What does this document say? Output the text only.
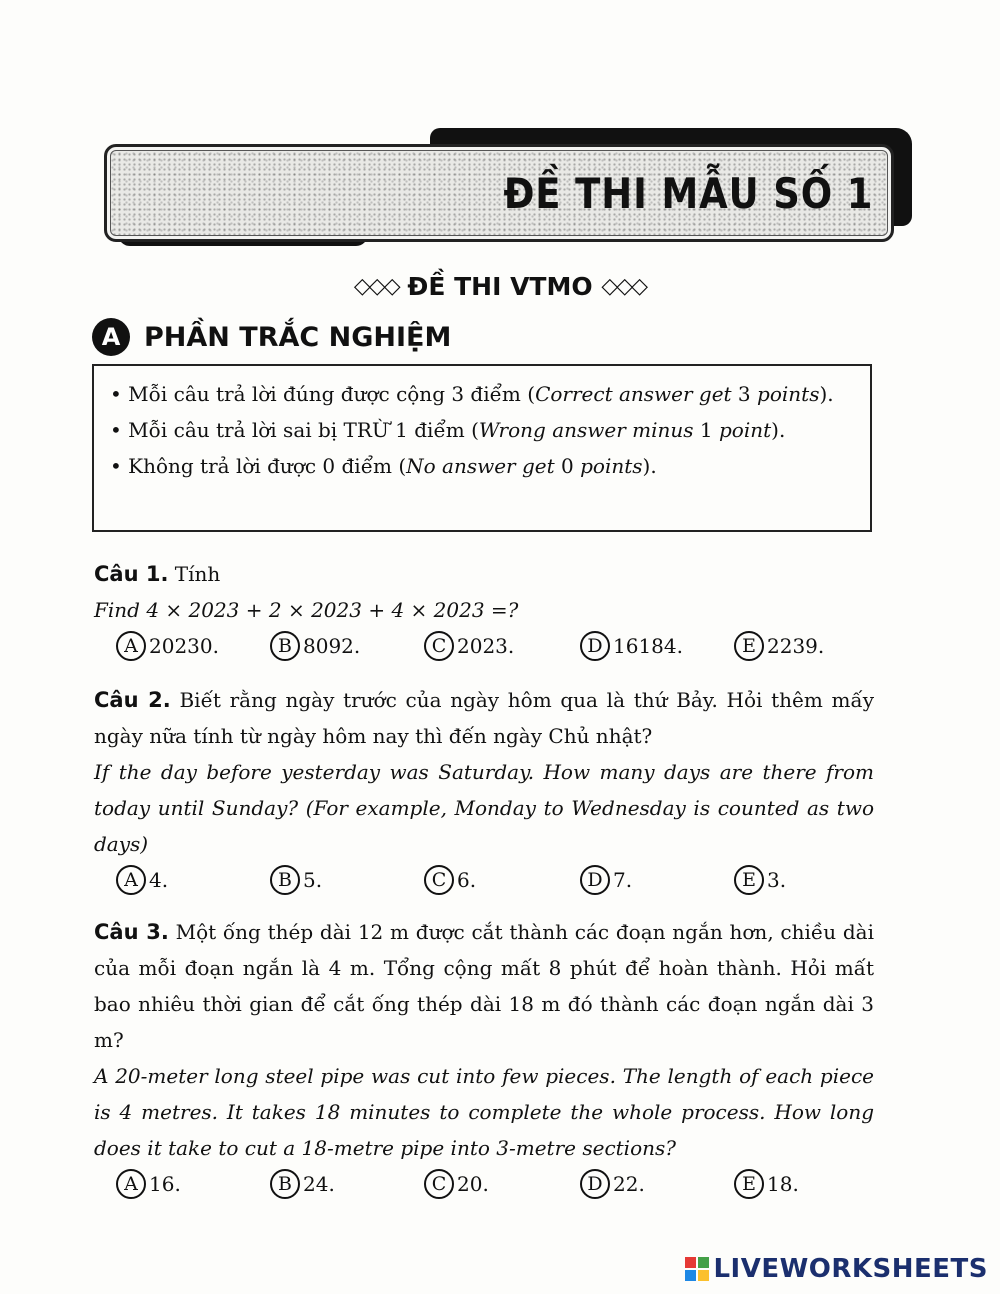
ĐỀ THI MẪU SỐ 1
◇◇◇ ĐỀ THI VTMO ◇◇◇
A PHẦN TRẮC NGHIỆM

• Mỗi câu trả lời đúng được cộng 3 điểm (Correct answer get 3 points).

• Mỗi câu trả lời sai bị TRỪ 1 điểm (Wrong answer minus 1 point).

• Không trả lời được 0 điểm (No answer get 0 points).

Câu 1. Tính
Find 4 × 2023 + 2 × 2023 + 4 × 2023 =?
A 20230.	B 8092.	C 2023.	D 16184.	E 2239.
Câu 2. Biết rằng ngày trước của ngày hôm qua là thứ Bảy. Hỏi thêm mấy ngày nữa tính từ ngày hôm nay thì đến ngày Chủ nhật?
If the day before yesterday was Saturday. How many days are there from today until Sunday? (For example, Monday to Wednesday is counted as two days)
A 4.	B 5.	C 6.	D 7.	E 3.
Câu 3. Một ống thép dài 12 m được cắt thành các đoạn ngắn hơn, chiều dài của mỗi đoạn ngắn là 4 m. Tổng cộng mất 8 phút để hoàn thành. Hỏi mất bao nhiêu thời gian để cắt ống thép dài 18 m đó thành các đoạn ngắn dài 3 m?
A 20-meter long steel pipe was cut into few pieces. The length of each piece is 4 metres. It takes 18 minutes to complete the whole process. How long does it take to cut a 18-metre pipe into 3-metre sections?
A 16.	B 24.	C 20.	D 22.	E 18.
LIVEWORKSHEETS
